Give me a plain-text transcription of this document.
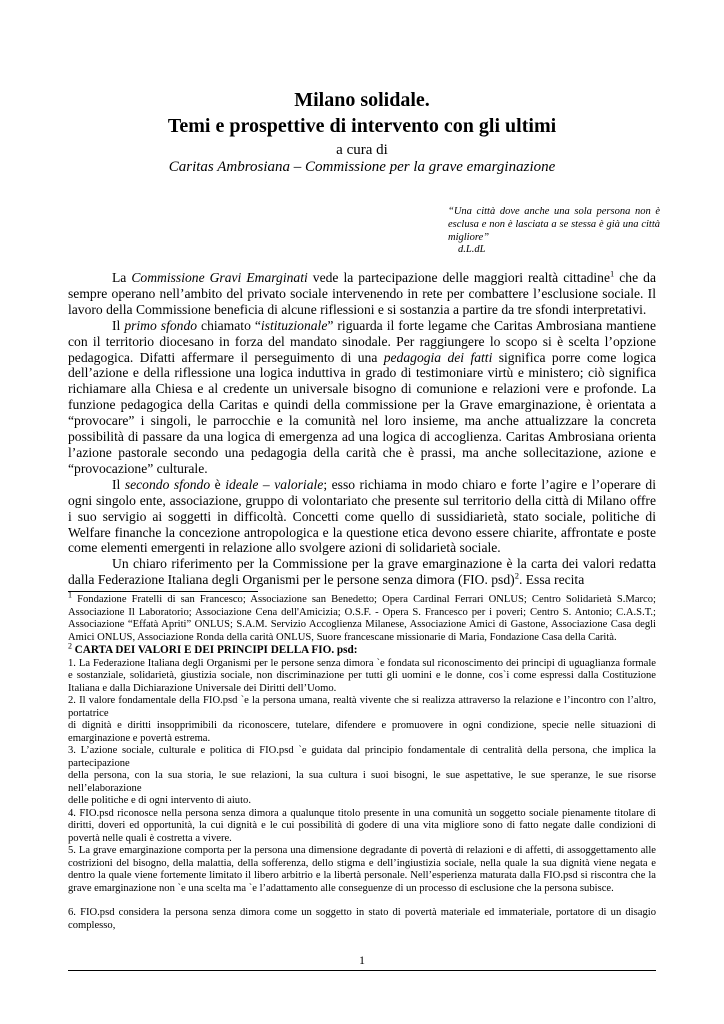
Milano solidale.
Temi e prospettive di intervento con gli ultimi
a cura di
Caritas Ambrosiana – Commissione per la grave emarginazione
“Una città dove anche una sola persona non è esclusa e non è lasciata a se stessa è già una città migliore”
d.L.dL

La Commissione Gravi Emarginati vede la partecipazione delle maggiori realtà cittadine$^1$ che da sempre operano nell’ambito del privato sociale intervenendo in rete per combattere l’esclusione sociale. Il lavoro della Commissione beneficia di alcune riflessioni e si sostanzia a partire da tre sfondi interpretativi.

Il primo sfondo chiamato “istituzionale” riguarda il forte legame che Caritas Ambrosiana mantiene con il territorio diocesano in forza del mandato sinodale. Per raggiungere lo scopo si è scelta l’opzione pedagogica. Difatti affermare il perseguimento di una pedagogia dei fatti significa porre come logica dell’azione e della riflessione una logica induttiva in grado di testimoniare virtù e ministero; ciò significa richiamare alla Chiesa e al credente un universale bisogno di comunione e relazioni vere e profonde. La funzione pedagogica della Caritas e quindi della commissione per la Grave emarginazione, è orientata a “provocare” i singoli, le parrocchie e la comunità nel loro insieme, ma anche attualizzare la concreta possibilità di passare da una logica di emergenza ad una logica di accoglienza. Caritas Ambrosiana orienta l’azione pastorale secondo una pedagogia della carità che è prassi, ma anche sollecitazione, azione e “provocazione” culturale.

Il secondo sfondo è ideale – valoriale; esso richiama in modo chiaro e forte l’agire e l’operare di ogni singolo ente, associazione, gruppo di volontariato che presente sul territorio della città di Milano offre i suo servigio ai soggetti in difficoltà. Concetti come quello di sussidiarietà, stato sociale, politiche di Welfare finanche la concezione antropologica e la questione etica devono essere chiarite, affrontate e poste come elementi emergenti in relazione allo svolgere azioni di solidarietà sociale.

Un chiaro riferimento per la Commissione per la grave emarginazione è la carta dei valori redatta dalla Federazione Italiana degli Organismi per le persone senza dimora (FIO. psd)$^2$. Essa recita

$^1$ Fondazione Fratelli di san Francesco; Associazione san Benedetto; Opera Cardinal Ferrari ONLUS; Centro Solidarietà S.Marco; Associazione Il Laboratorio; Associazione Cena dell'Amicizia; O.S.F. - Opera S. Francesco per i poveri; Centro S. Antonio; C.A.S.T.; Associazione “Effatà Apriti” ONLUS; S.A.M. Servizio Accoglienza Milanese, Associazione Amici di Gastone, Associazione Casa degli Amici ONLUS, Associazione Ronda della carità ONLUS, Suore francescane missionarie di Maria, Fondazione Casa della Carità.

$^2$ CARTA DEI VALORI E DEI PRINCIPI DELLA FIO. psd:

1. La Federazione Italiana degli Organismi per le persone senza dimora `e fondata sul riconoscimento dei principi di uguaglianza formale e sostanziale, solidarietà, giustizia sociale, non discriminazione per tutti gli uomini e le donne, cos`i come espressi dalla Costituzione Italiana e dalla Dichiarazione Universale dei Diritti dell’Uomo.

2. Il valore fondamentale della FIO.psd `e la persona umana, realtà vivente che si realizza attraverso la relazione e l’incontro con l’altro, portatrice

di dignità e diritti insopprimibili da riconoscere, tutelare, difendere e promuovere in ogni condizione, specie nelle situazioni di emarginazione e povertà estrema.

3. L’azione sociale, culturale e politica di FIO.psd `e guidata dal principio fondamentale di centralità della persona, che implica la partecipazione

della persona, con la sua storia, le sue relazioni, la sua cultura i suoi bisogni, le sue aspettative, le sue speranze, le sue risorse nell’elaborazione

delle politiche e di ogni intervento di aiuto.

4. FIO.psd riconosce nella persona senza dimora a qualunque titolo presente in una comunità un soggetto sociale pienamente titolare di diritti, doveri ed opportunità, la cui dignità e le cui possibilità di godere di una vita migliore sono di fatto negate dalle condizioni di povertà nelle quali è costretta a vivere.

5. La grave emarginazione comporta per la persona una dimensione degradante di povertà di relazioni e di affetti, di assoggettamento alle costrizioni del bisogno, della malattia, della sofferenza, dello stigma e dell’ingiustizia sociale, nella quale la sua dignità viene negata e dentro la quale viene fortemente limitato il libero arbitrio e la libertà personale. Nell’esperienza maturata dalla FIO.psd si riscontra che la grave emarginazione non `e una scelta ma `e l’adattamento alle conseguenze di un processo di esclusione che la persona subisce.

6. FIO.psd considera la persona senza dimora come un soggetto in stato di povertà materiale ed immateriale, portatore di un disagio complesso,

1
